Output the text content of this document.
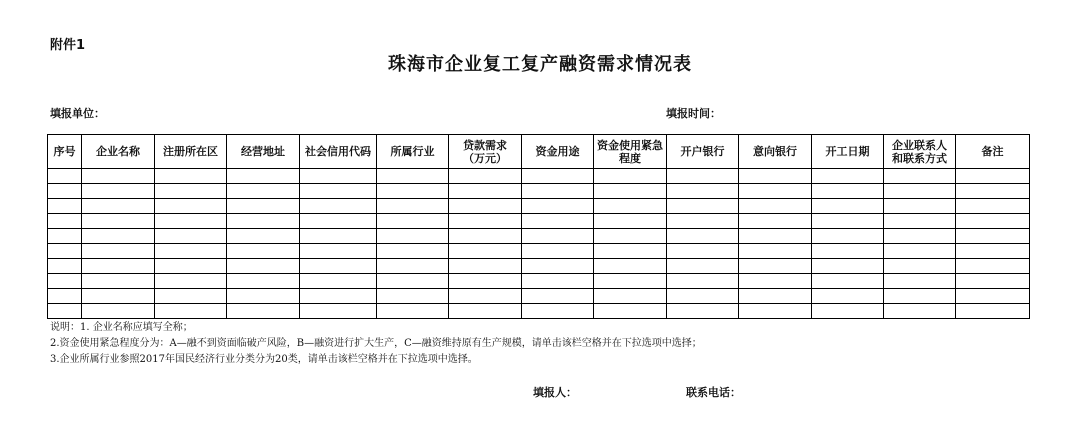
附件1
珠海市企业复工复产融资需求情况表
填报单位：	填报时间：
序号	企业名称	注册所在区	经营地址	社会信用代码	所属行业	贷款需求（万元）	资金用途	资金使用紧急程度	开户银行	意向银行	开工日期	企业联系人和联系方式	备注

说明：1. 企业名称应填写全称；
2.资金使用紧急程度分为：A—融不到资面临破产风险，B—融资进行扩大生产，C—融资维持原有生产规模，请单击该栏空格并在下拉选项中选择；
3.企业所属行业参照2017年国民经济行业分类分为20类，请单击该栏空格并在下拉选项中选择。
填报人：	联系电话：
